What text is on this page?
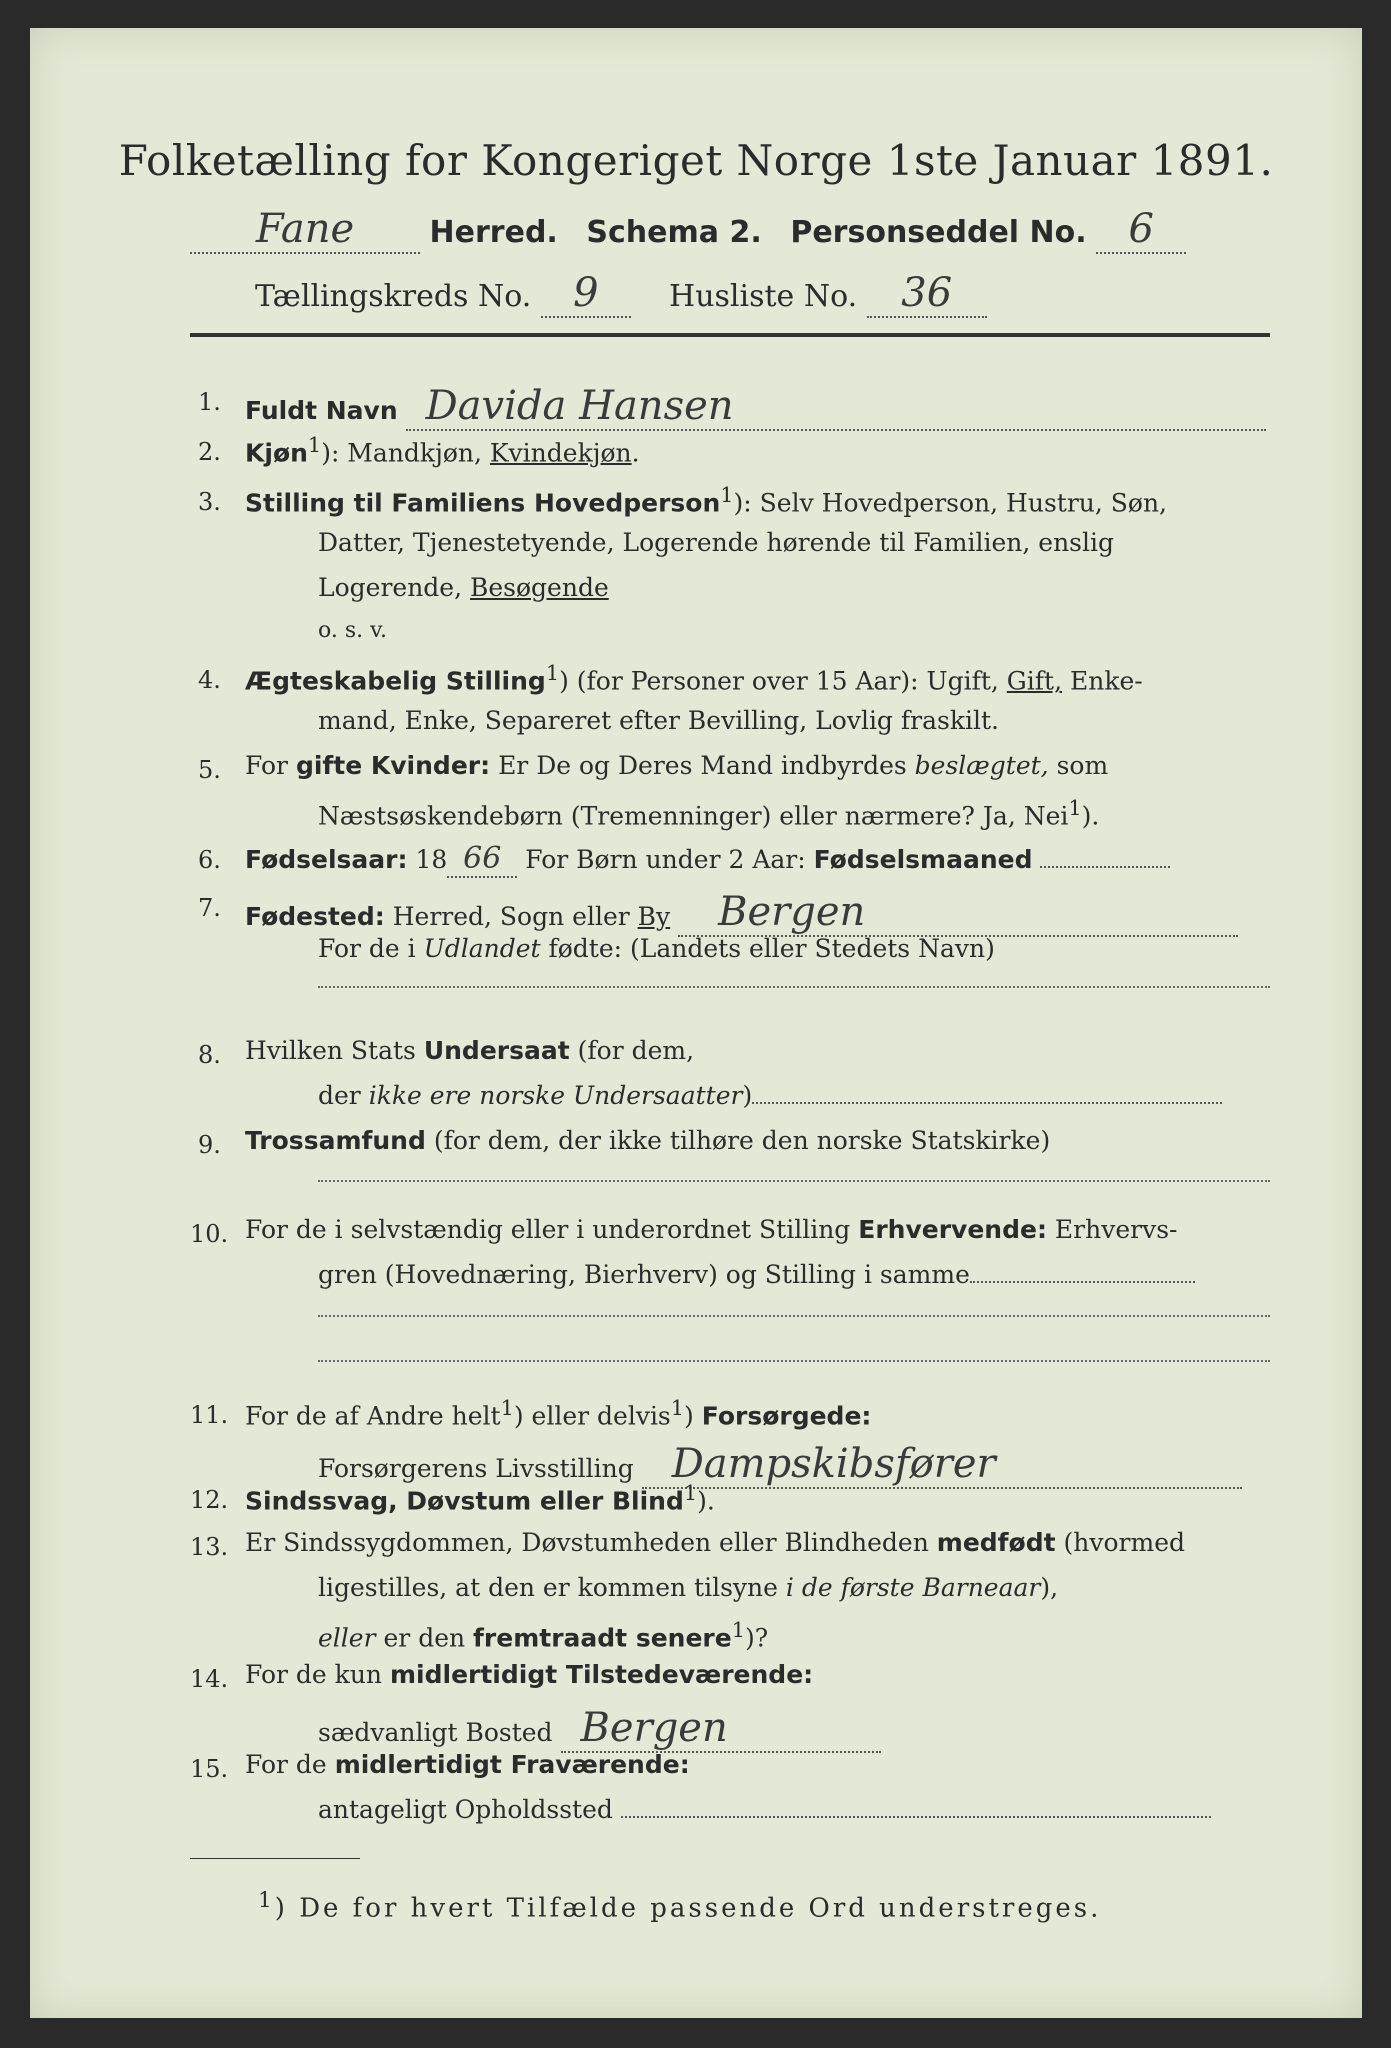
Folketælling for Kongeriget Norge 1ste Januar 1891.
Fane	Herred. Schema 2. Personseddel No. 6
Tællingskreds No. 9 Husliste No. 36
1. Fuldt Navn Davida Hansen
2. Kjøn$^1$): Mandkjøn, Kvindekjøn.
3. Stilling til Familiens Hovedperson$^1$): Selv Hovedperson, Hustru, Søn,
Datter, Tjenestetyende, Logerende hørende til Familien, enslig
Logerende, Besøgende
o. s. v.
4. Ægteskabelig Stilling$^1$) (for Personer over 15 Aar): Ugift, Gift, Enke-
mand, Enke, Separeret efter Bevilling, Lovlig fraskilt.
5. For gifte Kvinder: Er De og Deres Mand indbyrdes beslægtet, som
Næstsøskendebørn (Tremenninger) eller nærmere? Ja, Nei$^1$).
6. Fødselsaar: 18 66 For Børn under 2 Aar: Fødselsmaaned
7. Fødested: Herred, Sogn eller By Bergen
For de i Udlandet fødte: (Landets eller Stedets Navn)
8. Hvilken Stats Undersaat (for dem,
der ikke ere norske Undersaatter)
9. Trossamfund (for dem, der ikke tilhøre den norske Statskirke)
10. For de i selvstændig eller i underordnet Stilling Erhvervende: Erhvervs-
gren (Hovednæring, Bierhverv) og Stilling i samme
11. For de af Andre helt$^1$) eller delvis$^1$) Forsørgede:
Forsørgerens Livsstilling Dampskibsfører
12. Sindssvag, Døvstum eller Blind$^1$).
13. Er Sindssygdommen, Døvstumheden eller Blindheden medfødt (hvormed
ligestilles, at den er kommen tilsyne i de første Barneaar),
eller er den fremtraadt senere$^1$)?
14. For de kun midlertidigt Tilstedeværende:
sædvanligt Bosted Bergen
15. For de midlertidigt Fraværende:
antageligt Opholdssted
$^1$) De for hvert Tilfælde passende Ord understreges.
